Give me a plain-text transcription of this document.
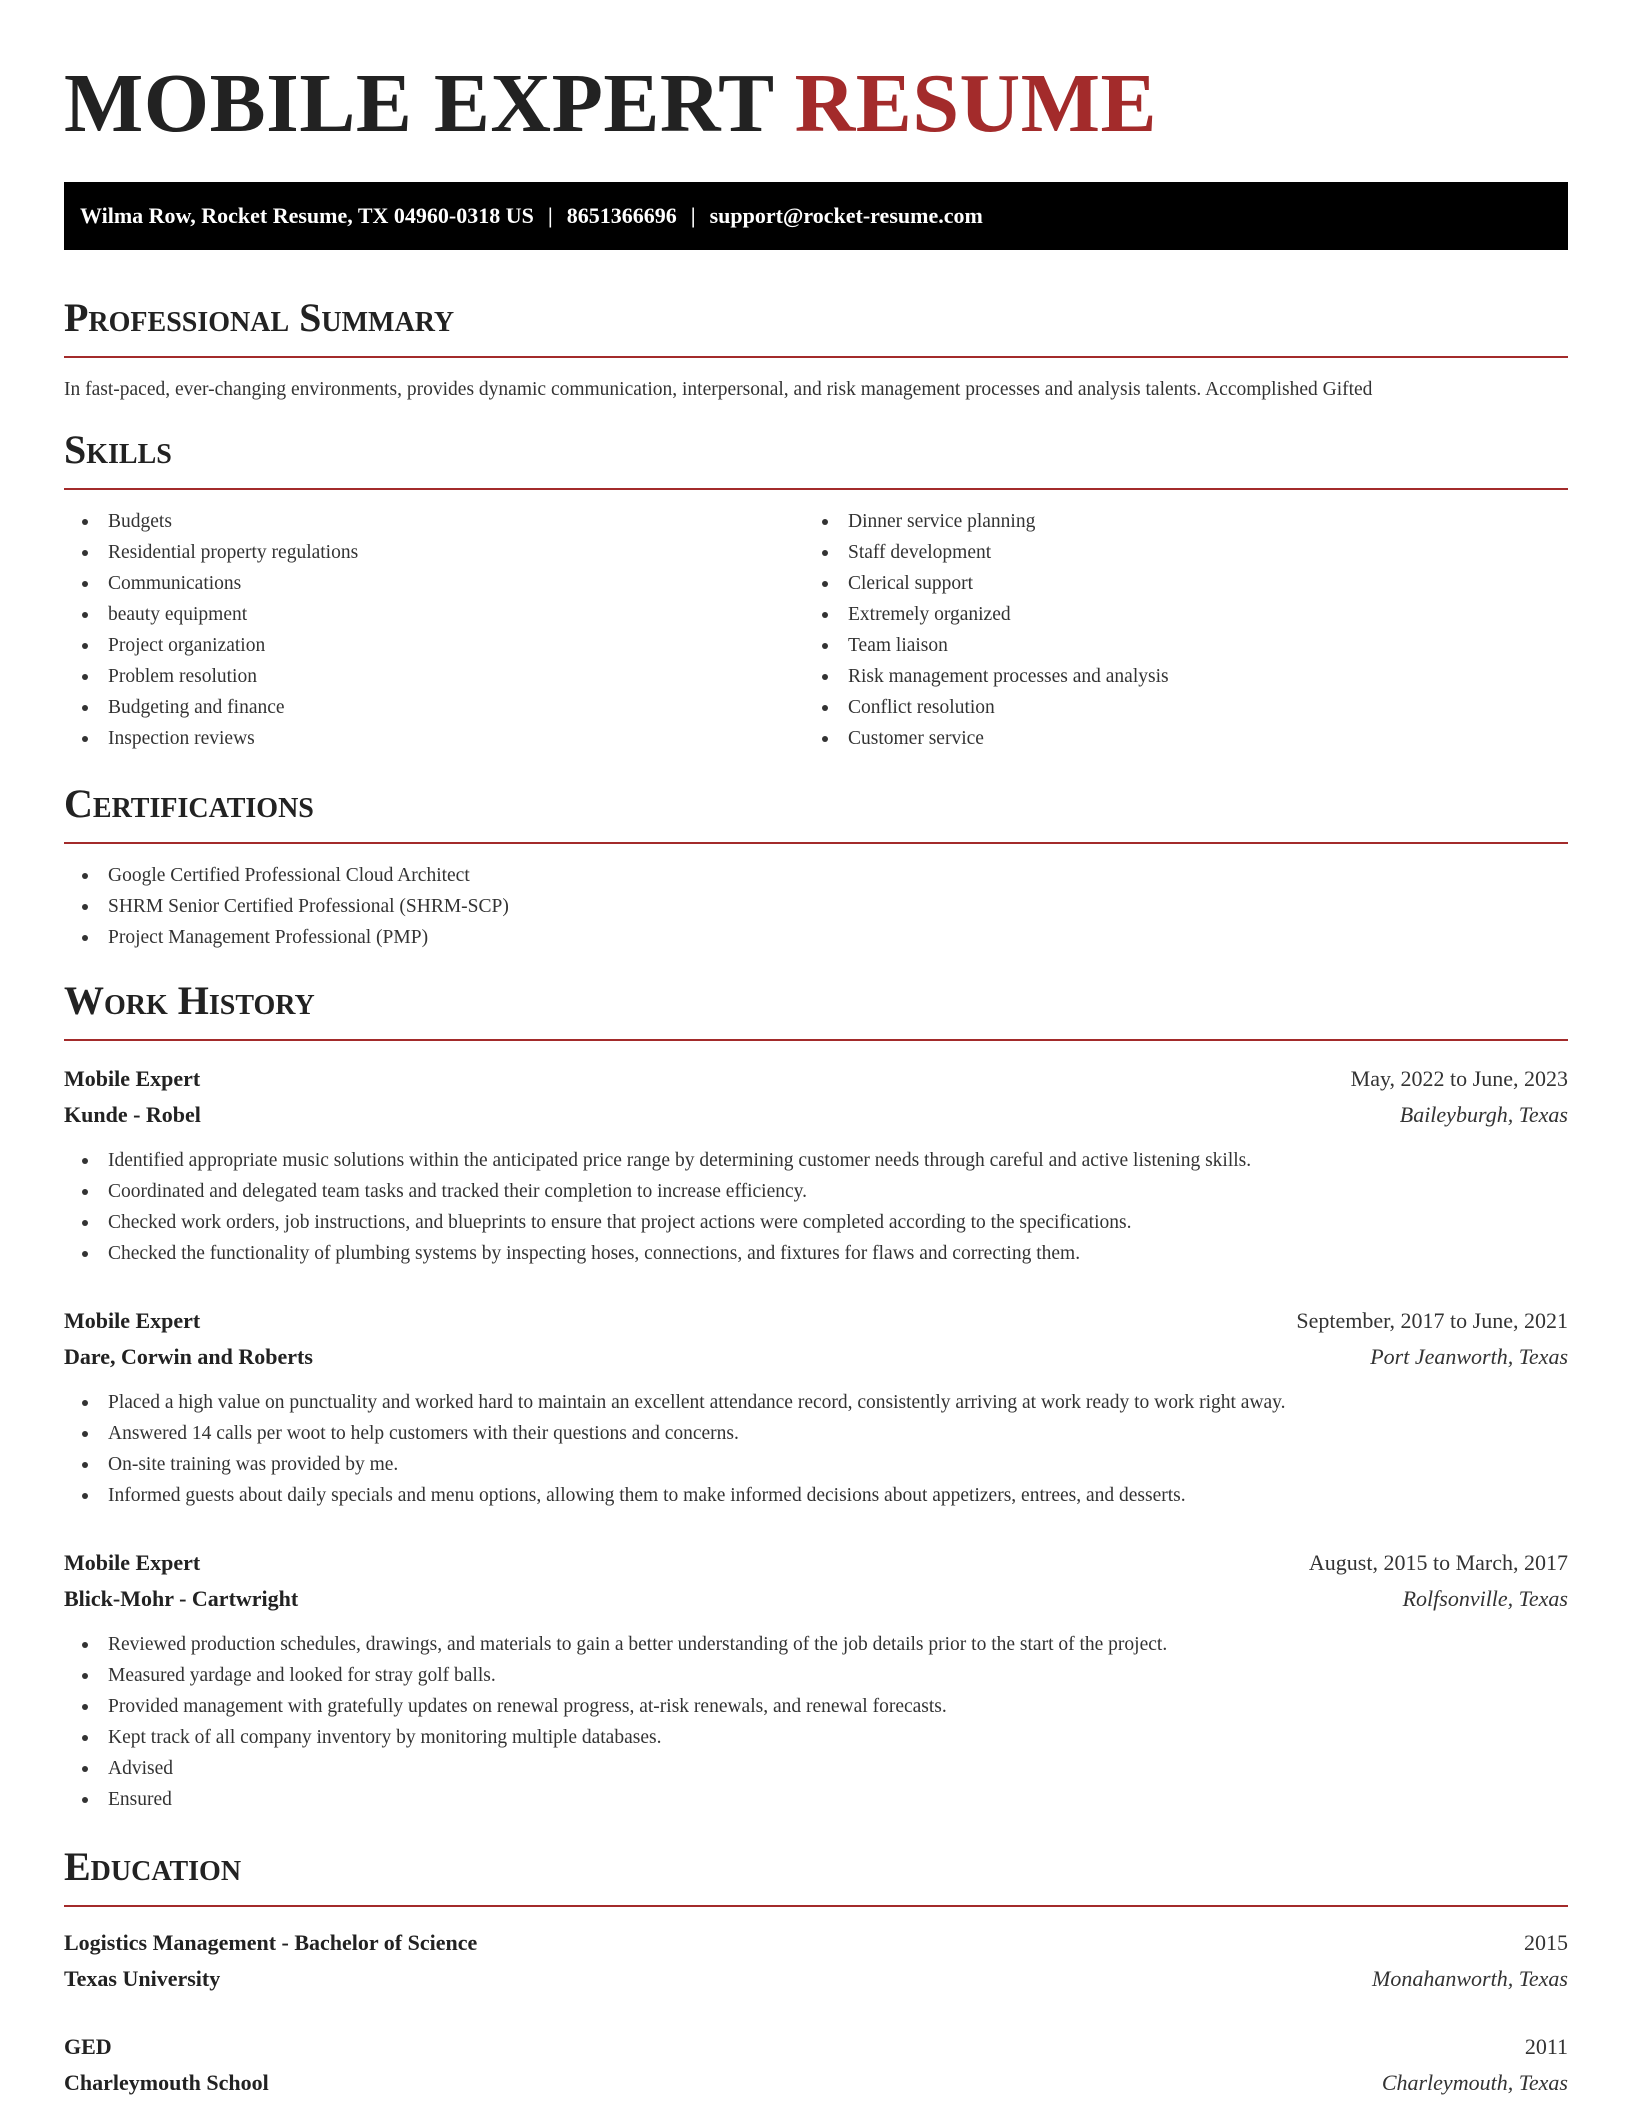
MOBILE EXPERT RESUME
Wilma Row, Rocket Resume, TX 04960-0318 US | 8651366696 | support@rocket-resume.com
Professional Summary
In fast-paced, ever-changing environments, provides dynamic communication, interpersonal, and risk management processes and analysis talents. Accomplished Gifted
Skills
Budgets
Residential property regulations
Communications
beauty equipment
Project organization
Problem resolution
Budgeting and finance
Inspection reviews
Dinner service planning
Staff development
Clerical support
Extremely organized
Team liaison
Risk management processes and analysis
Conflict resolution
Customer service
Certifications
Google Certified Professional Cloud Architect
SHRM Senior Certified Professional (SHRM-SCP)
Project Management Professional (PMP)
Work History
Mobile Expert	May, 2022 to June, 2023
Kunde - Robel	Baileyburgh, Texas
Identified appropriate music solutions within the anticipated price range by determining customer needs through careful and active listening skills.
Coordinated and delegated team tasks and tracked their completion to increase efficiency.
Checked work orders, job instructions, and blueprints to ensure that project actions were completed according to the specifications.
Checked the functionality of plumbing systems by inspecting hoses, connections, and fixtures for flaws and correcting them.
Mobile Expert	September, 2017 to June, 2021
Dare, Corwin and Roberts	Port Jeanworth, Texas
Placed a high value on punctuality and worked hard to maintain an excellent attendance record, consistently arriving at work ready to work right away.
Answered 14 calls per woot to help customers with their questions and concerns.
On-site training was provided by me.
Informed guests about daily specials and menu options, allowing them to make informed decisions about appetizers, entrees, and desserts.
Mobile Expert	August, 2015 to March, 2017
Blick-Mohr - Cartwright	Rolfsonville, Texas
Reviewed production schedules, drawings, and materials to gain a better understanding of the job details prior to the start of the project.
Measured yardage and looked for stray golf balls.
Provided management with gratefully updates on renewal progress, at-risk renewals, and renewal forecasts.
Kept track of all company inventory by monitoring multiple databases.
Advised
Ensured
Education
Logistics Management - Bachelor of Science	2015
Texas University	Monahanworth, Texas
GED	2011
Charleymouth School	Charleymouth, Texas
